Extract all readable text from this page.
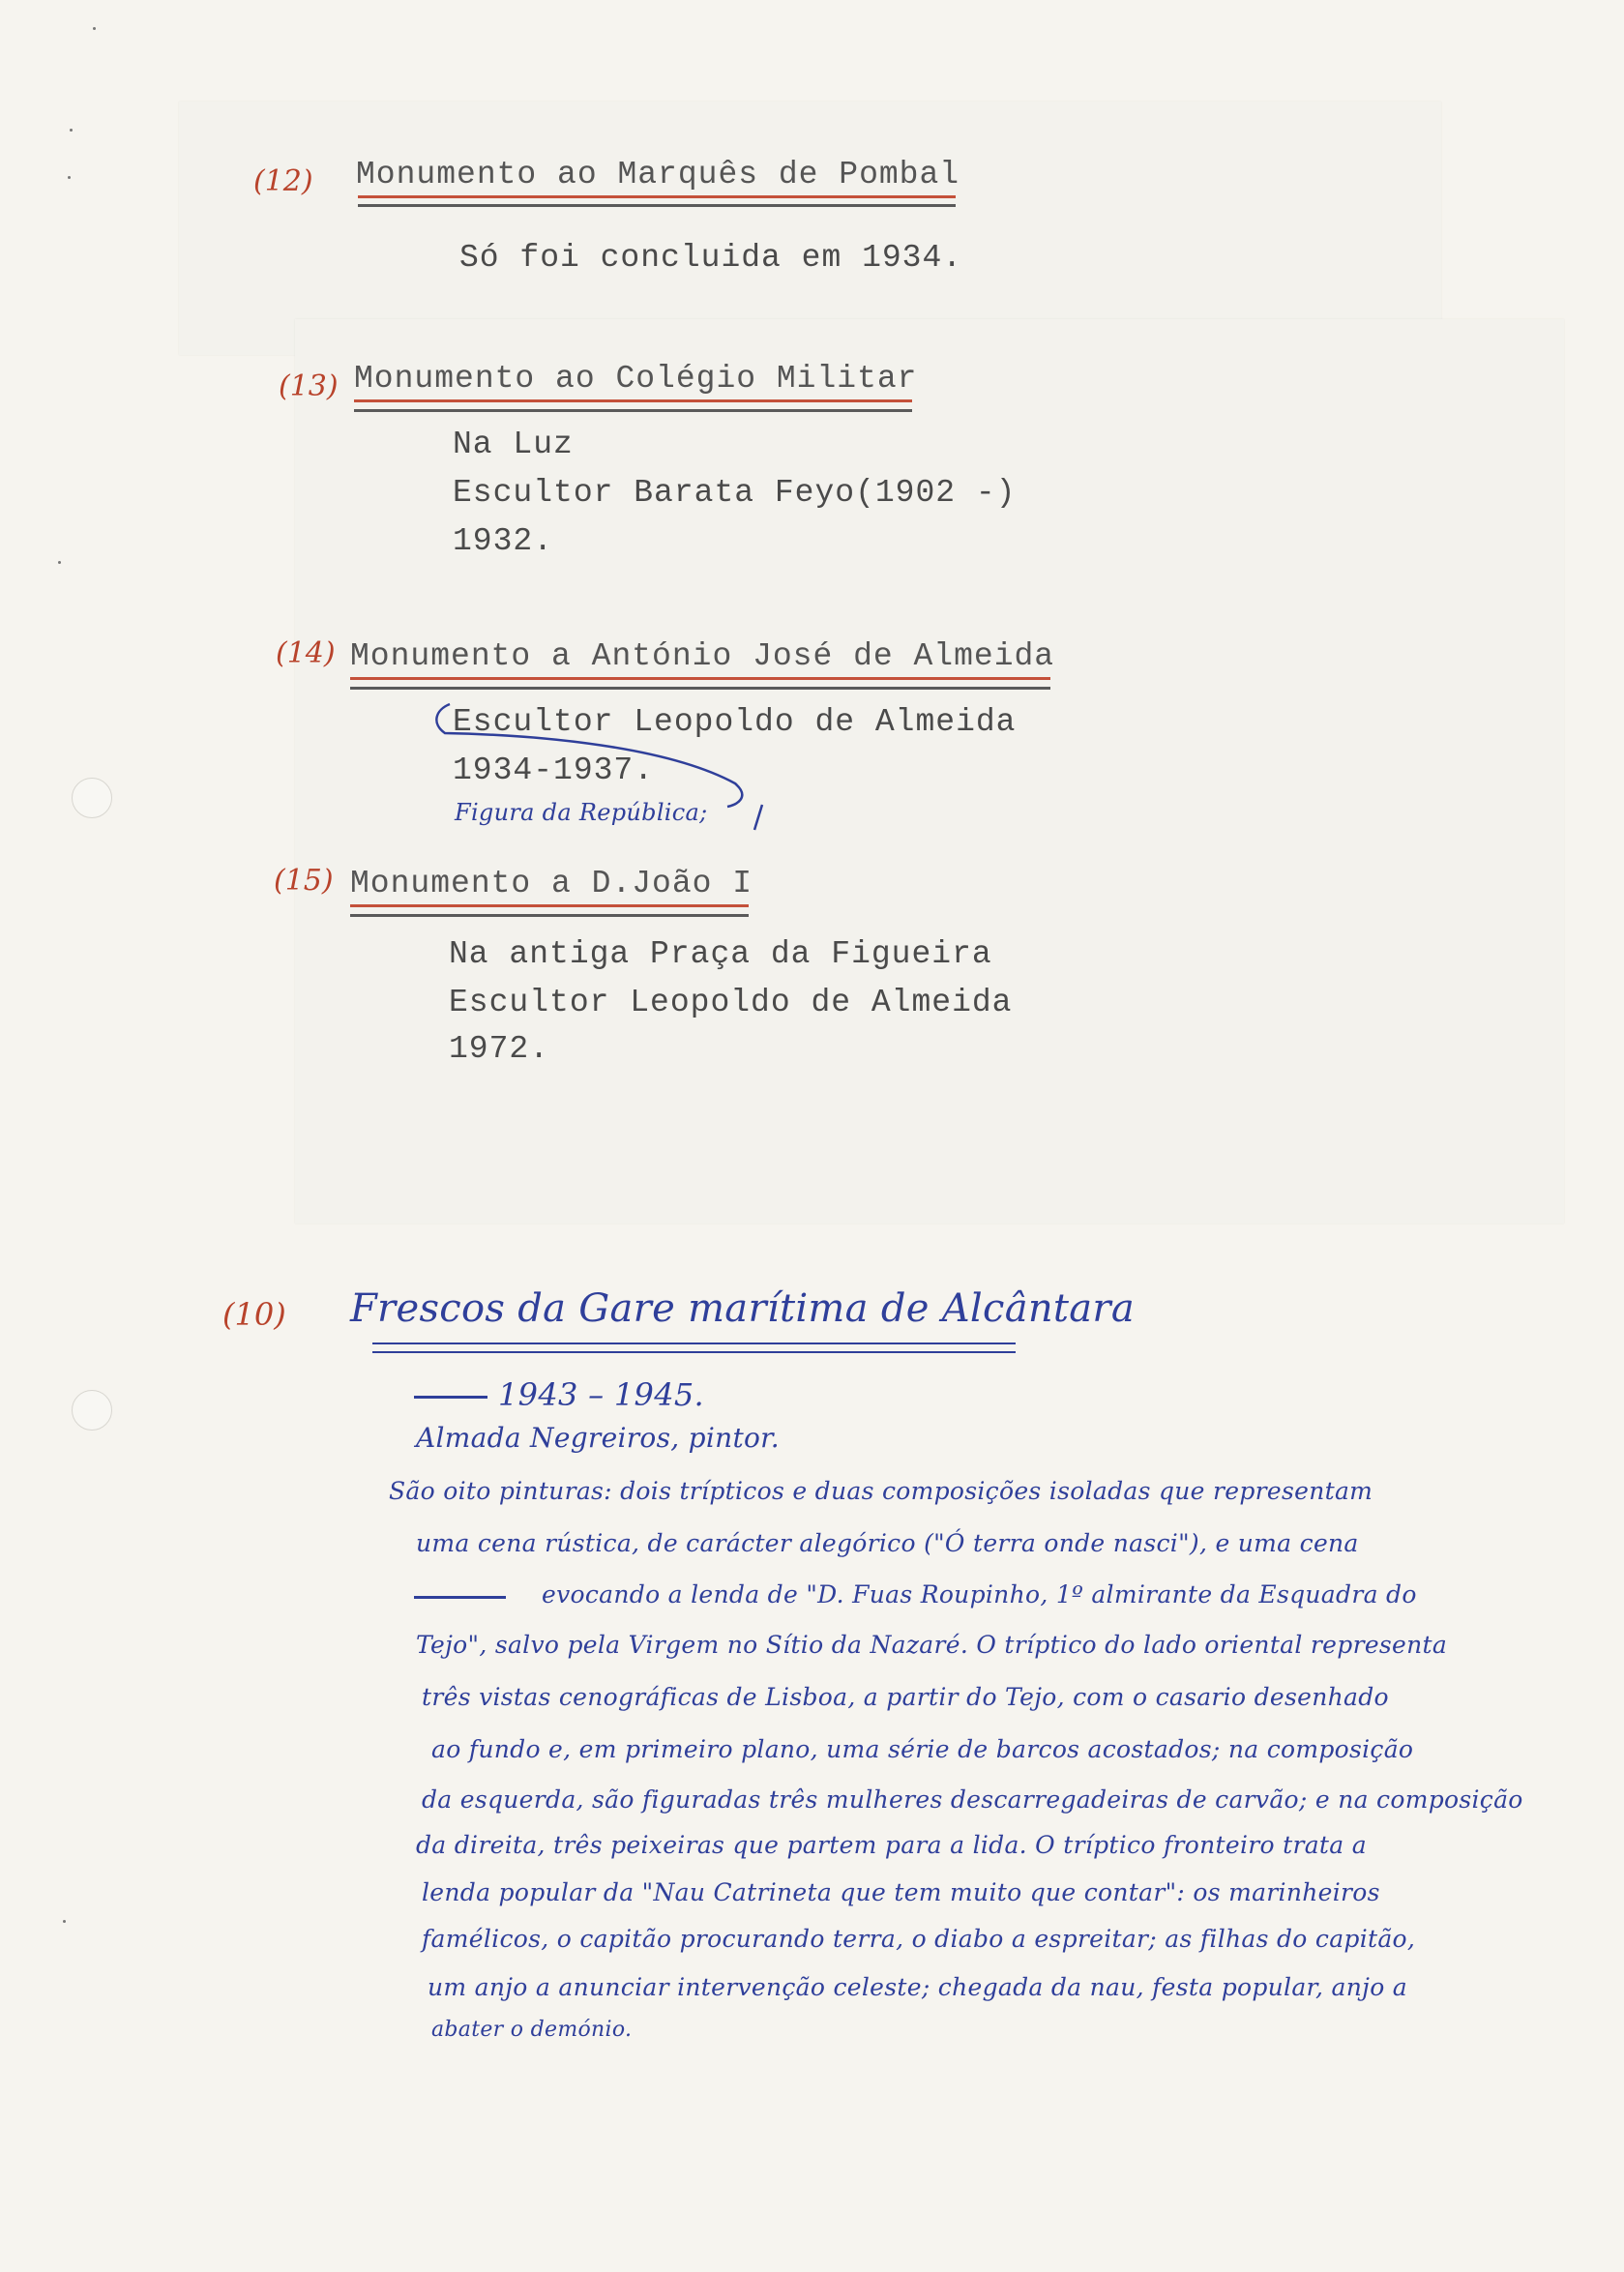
(12) Monumento ao Marquês de Pombal
Só foi concluida em 1934.
(13) Monumento ao Colégio Militar
Na Luz
Escultor Barata Feyo(1902 -)
1932.
(14) Monumento a António José de Almeida
Escultor Leopoldo de Almeida
1934-1937.
Figura da República;
(15) Monumento a D.João I
Na antiga Praça da Figueira
Escultor Leopoldo de Almeida
1972.
(10) Frescos da Gare marítima de Alcântara
1943 – 1945.
Almada Negreiros, pintor.
São oito pinturas: dois trípticos e duas composições isoladas que representam
uma cena rústica, de carácter alegórico ("Ó terra onde nasci"), e uma cena
evocando a lenda de "D. Fuas Roupinho, 1º almirante da Esquadra do
Tejo", salvo pela Virgem no Sítio da Nazaré. O tríptico do lado oriental representa
três vistas cenográficas de Lisboa, a partir do Tejo, com o casario desenhado
ao fundo e, em primeiro plano, uma série de barcos acostados; na composição
da esquerda, são figuradas três mulheres descarregadeiras de carvão; e na composição
da direita, três peixeiras que partem para a lida. O tríptico fronteiro trata a
lenda popular da "Nau Catrineta que tem muito que contar": os marinheiros
famélicos, o capitão procurando terra, o diabo a espreitar; as filhas do capitão,
um anjo a anunciar intervenção celeste; chegada da nau, festa popular, anjo a
abater o demónio.
